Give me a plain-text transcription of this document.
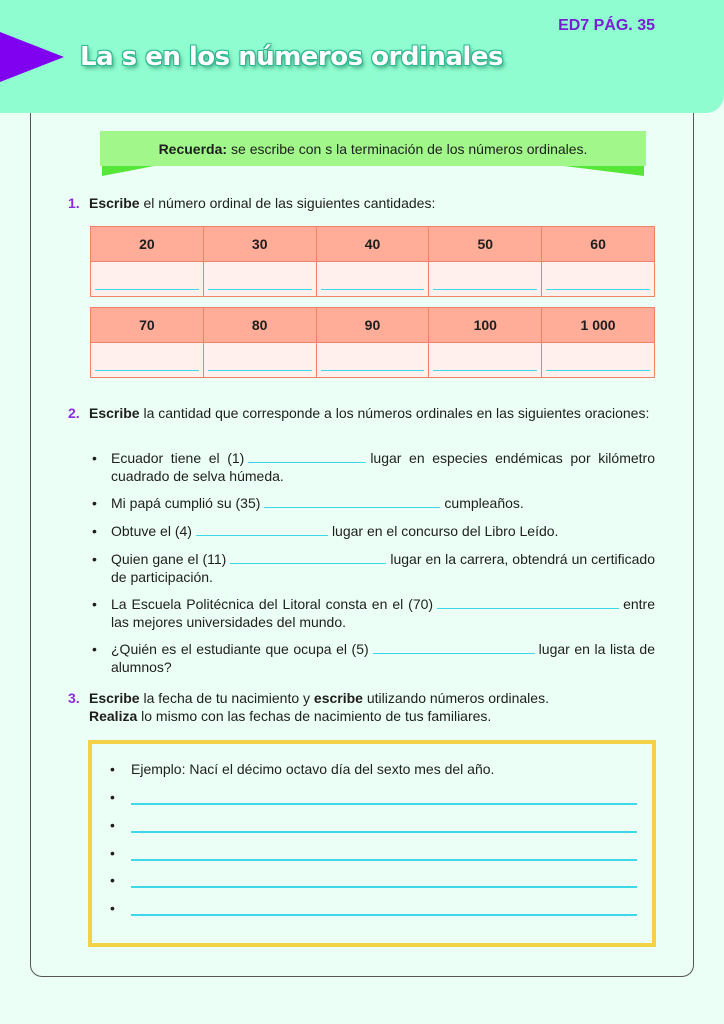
La s en los números ordinales
ED7 PÁG. 35
Recuerda: se escribe con s la terminación de los números ordinales.
1. Escribe el número ordinal de las siguientes cantidades:
20	30	40	50	60

70	80	90	100	1 000

2. Escribe la cantidad que corresponde a los números ordinales en las siguientes oraciones:
• Ecuador tiene el (1)	lugar en especies endémicas por kilómetro cuadrado de selva húmeda.
• Mi papá cumplió su (35)	cumpleaños.
• Obtuve el (4)	lugar en el concurso del Libro Leído.
• Quien gane el (11)	lugar en la carrera, obtendrá un certificado de participación.
• La Escuela Politécnica del Litoral consta en el (70)	entre las mejores universidades del mundo.
• ¿Quién es el estudiante que ocupa el (5)	lugar en la lista de alumnos?
3. Escribe la fecha de tu nacimiento y escribe utilizando números ordinales.
Realiza lo mismo con las fechas de nacimiento de tus familiares.
• Ejemplo: Nací el décimo octavo día del sexto mes del año.
•
•
•
•
•
